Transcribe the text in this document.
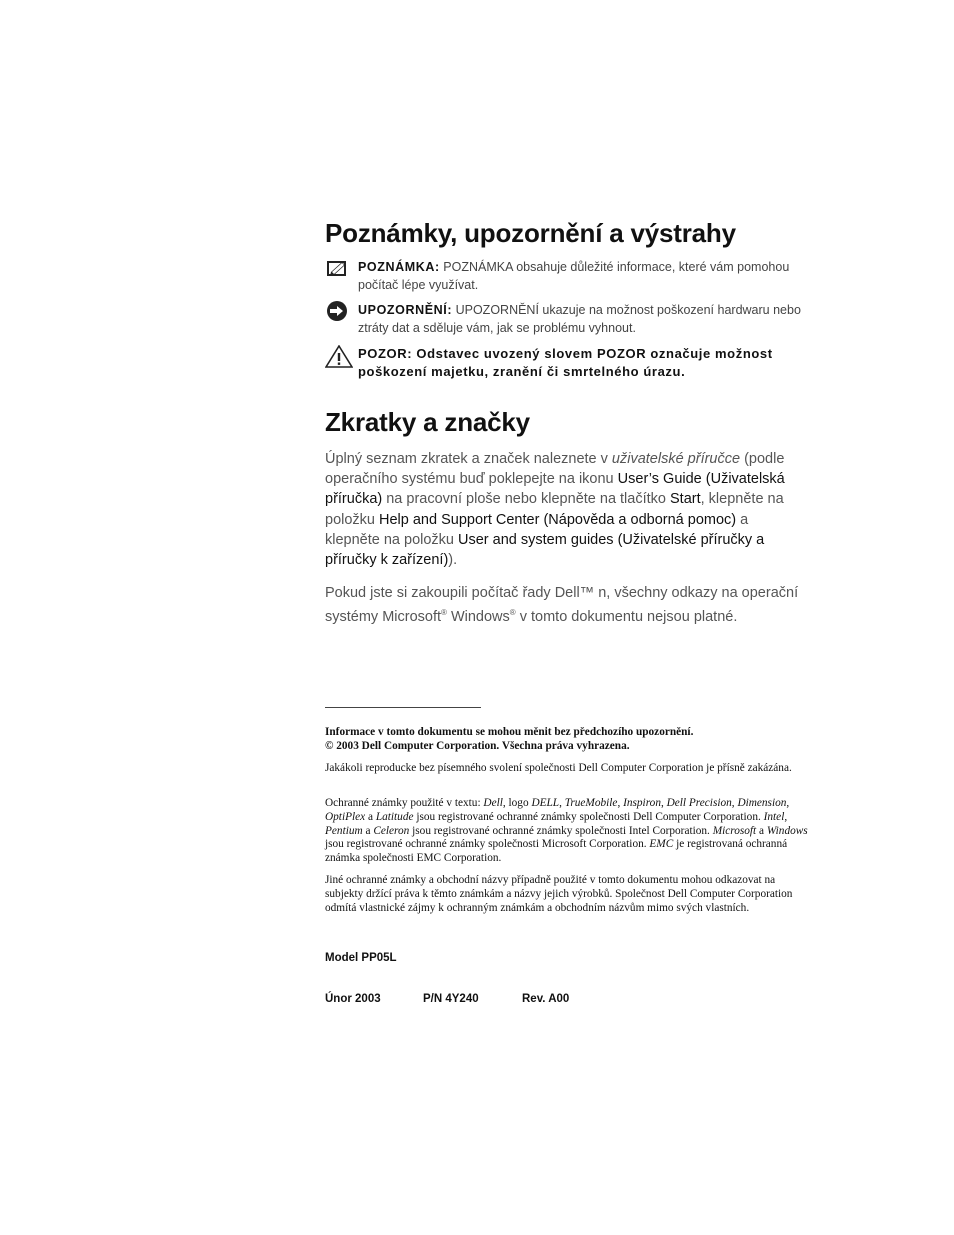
Poznámky, upozornění a výstrahy
POZNÁMKA: POZNÁMKA obsahuje důležité informace, které vám pomohou počítač lépe využívat.
UPOZORNĚNÍ: UPOZORNĚNÍ ukazuje na možnost poškození hardwaru nebo ztráty dat a sděluje vám, jak se problému vyhnout.
POZOR: Odstavec uvozený slovem POZOR označuje možnost poškození majetku, zranění či smrtelného úrazu.
Zkratky a značky
Úplný seznam zkratek a značek naleznete v uživatelské příručce (podle operačního systému buď poklepejte na ikonu User’s Guide (Uživatelská příručka) na pracovní ploše nebo klepněte na tlačítko Start, klepněte na položku Help and Support Center (Nápověda a odborná pomoc) a klepněte na položku User and system guides (Uživatelské příručky a příručky k zařízení)).
Pokud jste si zakoupili počítač řady Dell™ n, všechny odkazy na operační systémy Microsoft® Windows® v tomto dokumentu nejsou platné.
Informace v tomto dokumentu se mohou měnit bez předchozího upozornění.
© 2003 Dell Computer Corporation. Všechna práva vyhrazena.
Jakákoli reproducke bez písemného svolení společnosti Dell Computer Corporation je přísně zakázána.
Ochranné známky použité v textu: Dell, logo DELL, TrueMobile, Inspiron, Dell Precision, Dimension, OptiPlex a Latitude jsou registrované ochranné známky společnosti Dell Computer Corporation. Intel, Pentium a Celeron jsou registrované ochranné známky společnosti Intel Corporation. Microsoft a Windows jsou registrované ochranné známky společnosti Microsoft Corporation. EMC je registrovaná ochranná známka společnosti EMC Corporation.
Jiné ochranné známky a obchodní názvy případně použité v tomto dokumentu mohou odkazovat na subjekty držící práva k těmto známkám a názvy jejich výrobků. Společnost Dell Computer Corporation odmítá vlastnické zájmy k ochranným známkám a obchodním názvům mimo svých vlastních.
Model PP05L
Únor 2003	P/N 4Y240	Rev. A00
